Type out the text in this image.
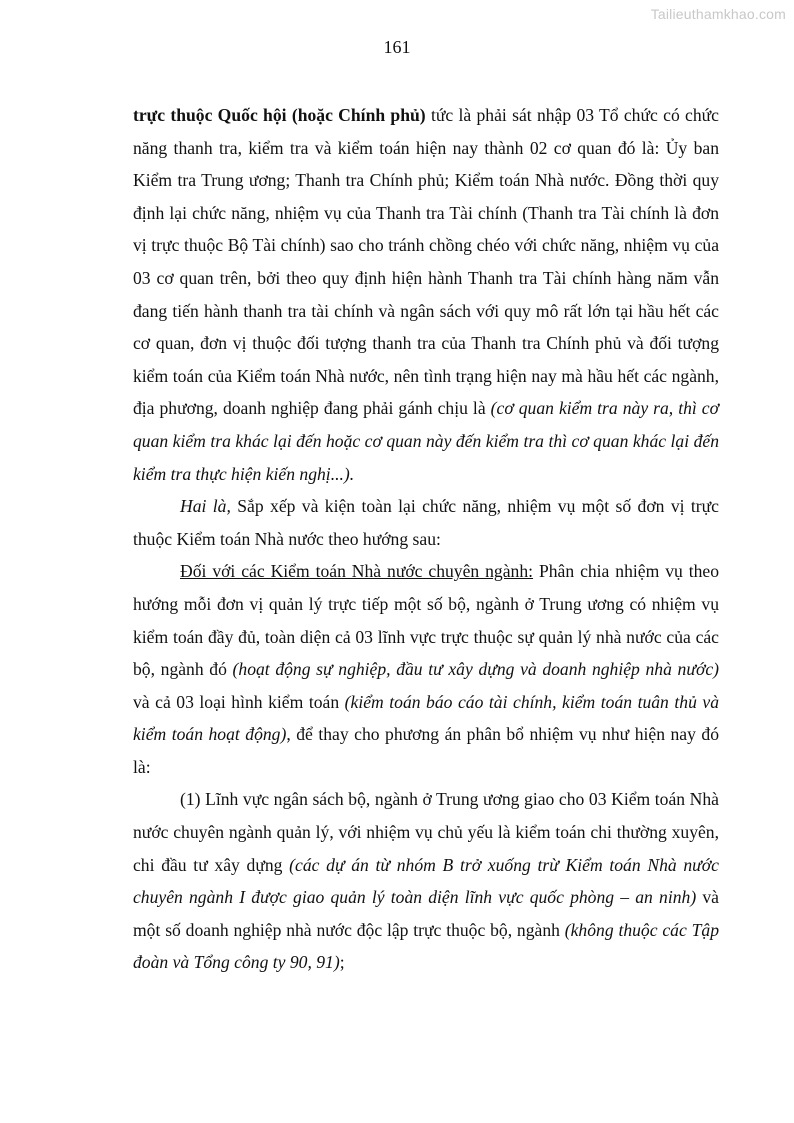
Tailieuthamkhao.com
161

trực thuộc Quốc hội (hoặc Chính phủ) tức là phải sát nhập 03 Tổ chức có chức năng thanh tra, kiểm tra và kiểm toán hiện nay thành 02 cơ quan đó là: Ủy ban Kiểm tra Trung ương; Thanh tra Chính phủ; Kiểm toán Nhà nước. Đồng thời quy định lại chức năng, nhiệm vụ của Thanh tra Tài chính (Thanh tra Tài chính là đơn vị trực thuộc Bộ Tài chính) sao cho tránh chồng chéo với chức năng, nhiệm vụ của 03 cơ quan trên, bởi theo quy định hiện hành Thanh tra Tài chính hàng năm vẫn đang tiến hành thanh tra tài chính và ngân sách với quy mô rất lớn tại hầu hết các cơ quan, đơn vị thuộc đối tượng thanh tra của Thanh tra Chính phủ và đối tượng kiểm toán của Kiểm toán Nhà nước, nên tình trạng hiện nay mà hầu hết các ngành, địa phương, doanh nghiệp đang phải gánh chịu là (cơ quan kiểm tra này ra, thì cơ quan kiểm tra khác lại đến hoặc cơ quan này đến kiểm tra thì cơ quan khác lại đến kiểm tra thực hiện kiến nghị...).

Hai là, Sắp xếp và kiện toàn lại chức năng, nhiệm vụ một số đơn vị trực thuộc Kiểm toán Nhà nước theo hướng sau:

Đối với các Kiểm toán Nhà nước chuyên ngành: Phân chia nhiệm vụ theo hướng mỗi đơn vị quản lý trực tiếp một số bộ, ngành ở Trung ương có nhiệm vụ kiểm toán đầy đủ, toàn diện cả 03 lĩnh vực trực thuộc sự quản lý nhà nước của các bộ, ngành đó (hoạt động sự nghiệp, đầu tư xây dựng và doanh nghiệp nhà nước) và cả 03 loại hình kiểm toán (kiểm toán báo cáo tài chính, kiểm toán tuân thủ và kiểm toán hoạt động), để thay cho phương án phân bổ nhiệm vụ như hiện nay đó là:

(1) Lĩnh vực ngân sách bộ, ngành ở Trung ương giao cho 03 Kiểm toán Nhà nước chuyên ngành quản lý, với nhiệm vụ chủ yếu là kiểm toán chi thường xuyên, chi đầu tư xây dựng (các dự án từ nhóm B trở xuống trừ Kiểm toán Nhà nước chuyên ngành I được giao quản lý toàn diện lĩnh vực quốc phòng – an ninh) và một số doanh nghiệp nhà nước độc lập trực thuộc bộ, ngành (không thuộc các Tập đoàn và Tổng công ty 90, 91);
